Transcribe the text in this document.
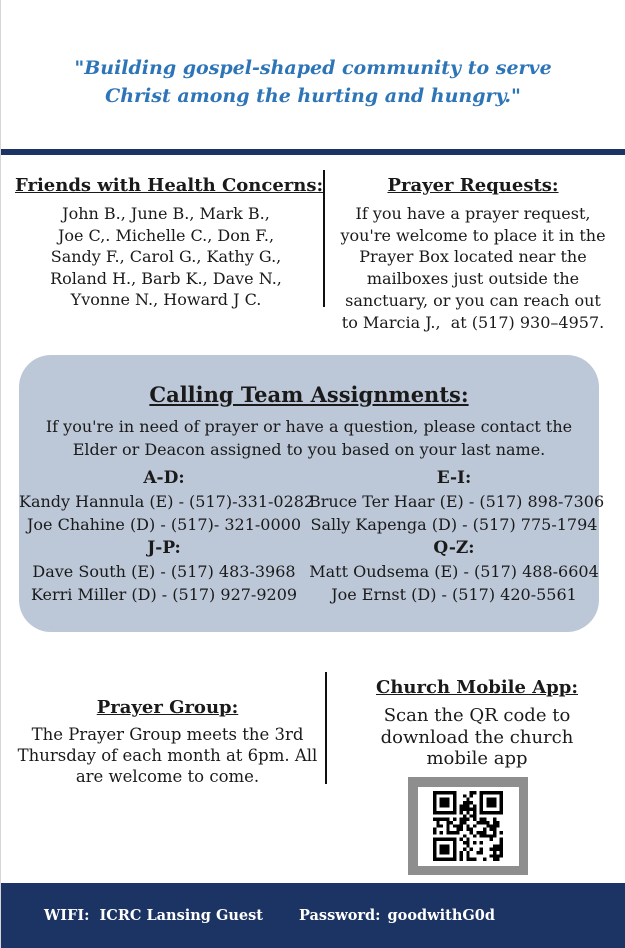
"Building gospel-shaped community to serve
Christ among the hurting and hungry."
Friends with Health Concerns:
John B., June B., Mark B.,
Joe C,. Michelle C., Don F.,
Sandy F., Carol G., Kathy G.,
Roland H., Barb K., Dave N.,
Yvonne N., Howard J C.
Prayer Requests:
If you have a prayer request,
you're welcome to place it in the
Prayer Box located near the
mailboxes just outside the
sanctuary, or you can reach out
to Marcia J.,  at (517) 930–4957.
Calling Team Assignments:
If you're in need of prayer or have a question, please contact the
Elder or Deacon assigned to you based on your last name.
A-D:
Kandy Hannula (E) - (517)-331-0282
Joe Chahine (D) - (517)- 321-0000
J-P:
Dave South (E) - (517) 483-3968
Kerri Miller (D) - (517) 927-9209
E-I:
Bruce Ter Haar (E) - (517) 898-7306
Sally Kapenga (D) - (517) 775-1794
Q-Z:
Matt Oudsema (E) - (517) 488-6604
Joe Ernst (D) - (517) 420-5561
Prayer Group:
The Prayer Group meets the 3rd
Thursday of each month at 6pm. All
are welcome to come.
Church Mobile App:
Scan the QR code to
download the church
mobile app
WIFI: ICRC Lansing Guest Password: goodwithG0d
